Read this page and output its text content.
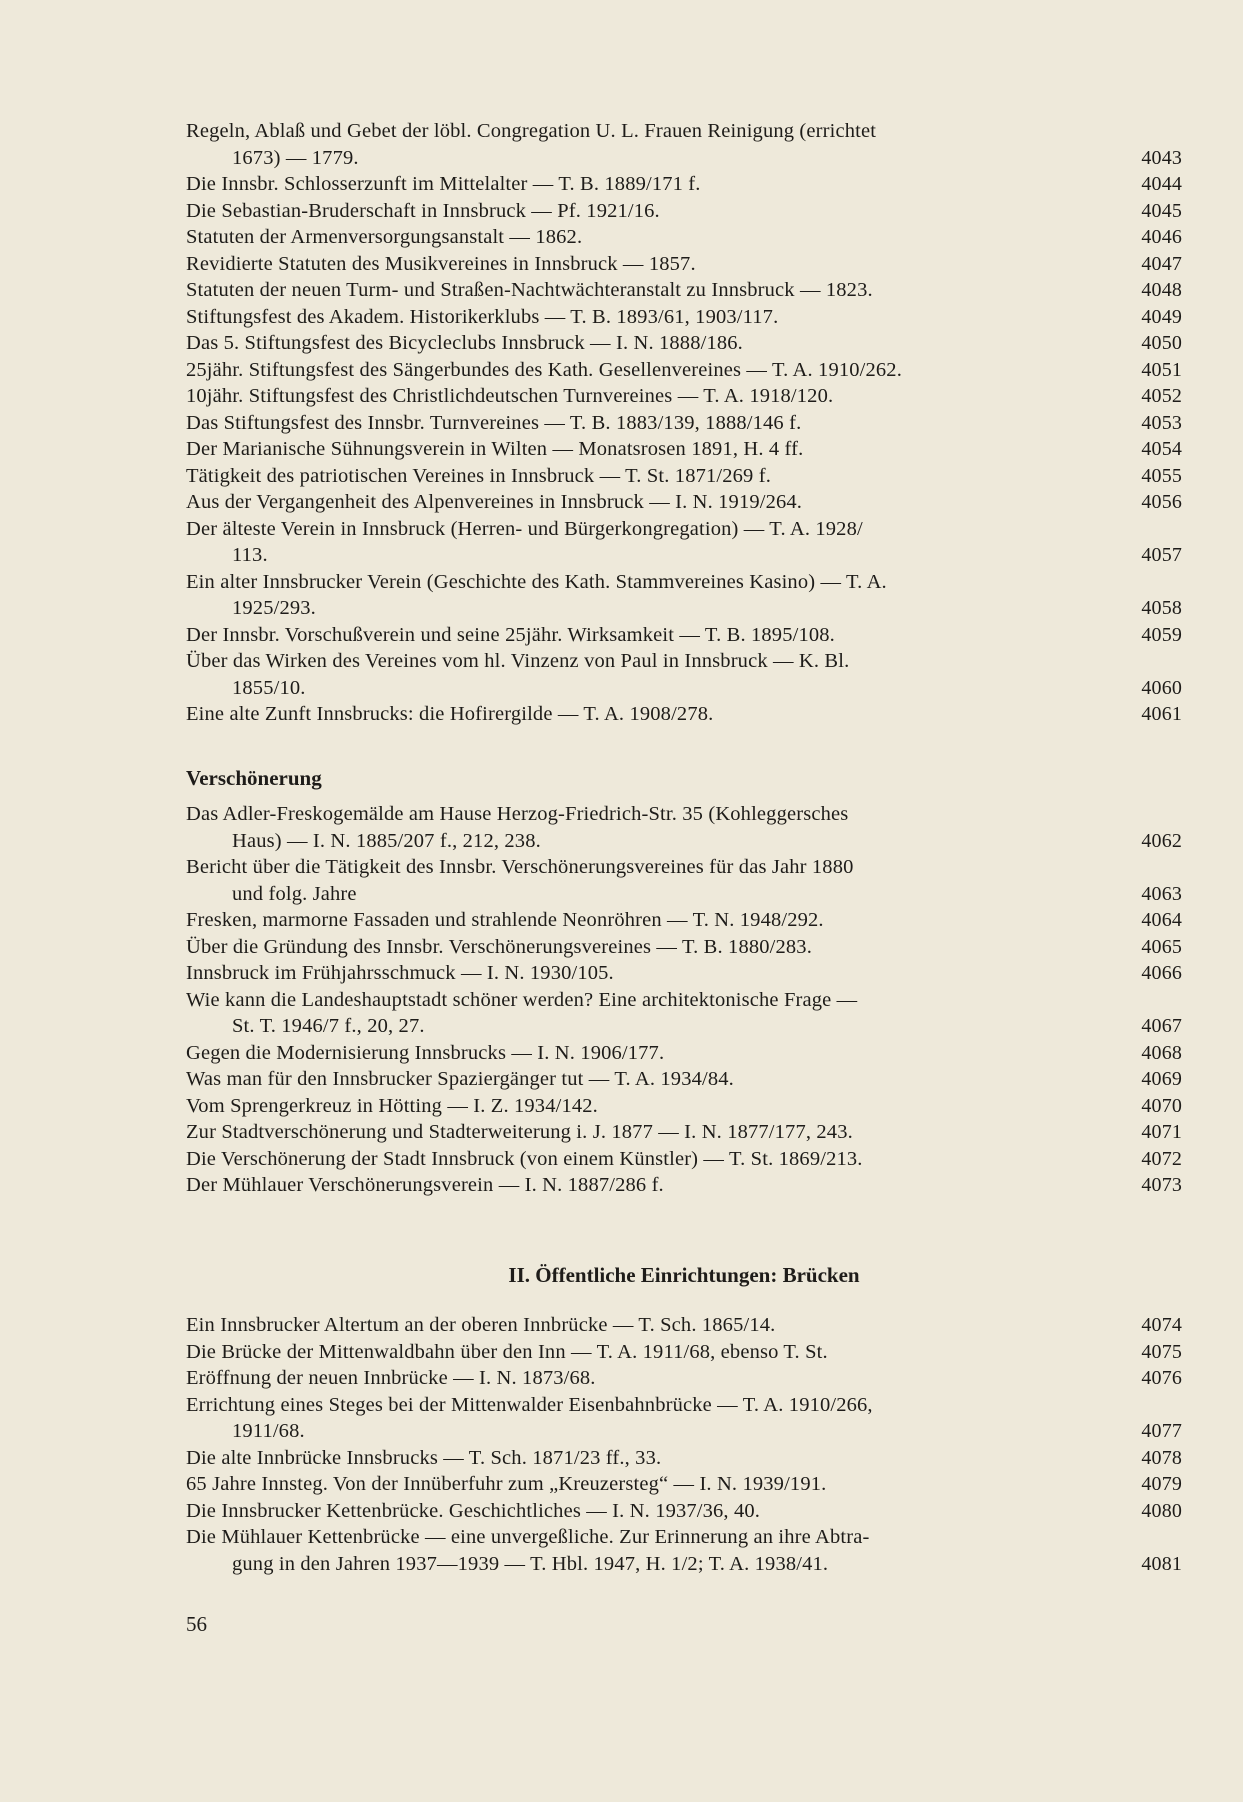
Regeln, Ablaß und Gebet der löbl. Congregation U. L. Frauen Reinigung (errichtet
1673) — 1779.	4043
Die Innsbr. Schlosserzunft im Mittelalter — T. B. 1889/171 f.	4044
Die Sebastian-Bruderschaft in Innsbruck — Pf. 1921/16.	4045
Statuten der Armenversorgungsanstalt — 1862.	4046
Revidierte Statuten des Musikvereines in Innsbruck — 1857.	4047
Statuten der neuen Turm- und Straßen-Nachtwächteranstalt zu Innsbruck — 1823.	4048
Stiftungsfest des Akadem. Historikerklubs — T. B. 1893/61, 1903/117.	4049
Das 5. Stiftungsfest des Bicycleclubs Innsbruck — I. N. 1888/186.	4050
25jähr. Stiftungsfest des Sängerbundes des Kath. Gesellenvereines — T. A. 1910/262.	4051
10jähr. Stiftungsfest des Christlichdeutschen Turnvereines — T. A. 1918/120.	4052
Das Stiftungsfest des Innsbr. Turnvereines — T. B. 1883/139, 1888/146 f.	4053
Der Marianische Sühnungsverein in Wilten — Monatsrosen 1891, H. 4 ff.	4054
Tätigkeit des patriotischen Vereines in Innsbruck — T. St. 1871/269 f.	4055
Aus der Vergangenheit des Alpenvereines in Innsbruck — I. N. 1919/264.	4056
Der älteste Verein in Innsbruck (Herren- und Bürgerkongregation) — T. A. 1928/
113.	4057
Ein alter Innsbrucker Verein (Geschichte des Kath. Stammvereines Kasino) — T. A.
1925/293.	4058
Der Innsbr. Vorschußverein und seine 25jähr. Wirksamkeit — T. B. 1895/108.	4059
Über das Wirken des Vereines vom hl. Vinzenz von Paul in Innsbruck — K. Bl.
1855/10.	4060
Eine alte Zunft Innsbrucks: die Hofirergilde — T. A. 1908/278.	4061
Verschönerung
Das Adler-Freskogemälde am Hause Herzog-Friedrich-Str. 35 (Kohleggersches
Haus) — I. N. 1885/207 f., 212, 238.	4062
Bericht über die Tätigkeit des Innsbr. Verschönerungsvereines für das Jahr 1880
und folg. Jahre	4063
Fresken, marmorne Fassaden und strahlende Neonröhren — T. N. 1948/292.	4064
Über die Gründung des Innsbr. Verschönerungsvereines — T. B. 1880/283.	4065
Innsbruck im Frühjahrsschmuck — I. N. 1930/105.	4066
Wie kann die Landeshauptstadt schöner werden? Eine architektonische Frage —
St. T. 1946/7 f., 20, 27.	4067
Gegen die Modernisierung Innsbrucks — I. N. 1906/177.	4068
Was man für den Innsbrucker Spaziergänger tut — T. A. 1934/84.	4069
Vom Sprengerkreuz in Hötting — I. Z. 1934/142.	4070
Zur Stadtverschönerung und Stadterweiterung i. J. 1877 — I. N. 1877/177, 243.	4071
Die Verschönerung der Stadt Innsbruck (von einem Künstler) — T. St. 1869/213.	4072
Der Mühlauer Verschönerungsverein — I. N. 1887/286 f.	4073
II. Öffentliche Einrichtungen: Brücken
Ein Innsbrucker Altertum an der oberen Innbrücke — T. Sch. 1865/14.	4074
Die Brücke der Mittenwaldbahn über den Inn — T. A. 1911/68, ebenso T. St.	4075
Eröffnung der neuen Innbrücke — I. N. 1873/68.	4076
Errichtung eines Steges bei der Mittenwalder Eisenbahnbrücke — T. A. 1910/266,
1911/68.	4077
Die alte Innbrücke Innsbrucks — T. Sch. 1871/23 ff., 33.	4078
65 Jahre Innsteg. Von der Innüberfuhr zum „Kreuzersteg“ — I. N. 1939/191.	4079
Die Innsbrucker Kettenbrücke. Geschichtliches — I. N. 1937/36, 40.	4080
Die Mühlauer Kettenbrücke — eine unvergeßliche. Zur Erinnerung an ihre Abtra-
gung in den Jahren 1937—1939 — T. Hbl. 1947, H. 1/2; T. A. 1938/41.	4081
56
